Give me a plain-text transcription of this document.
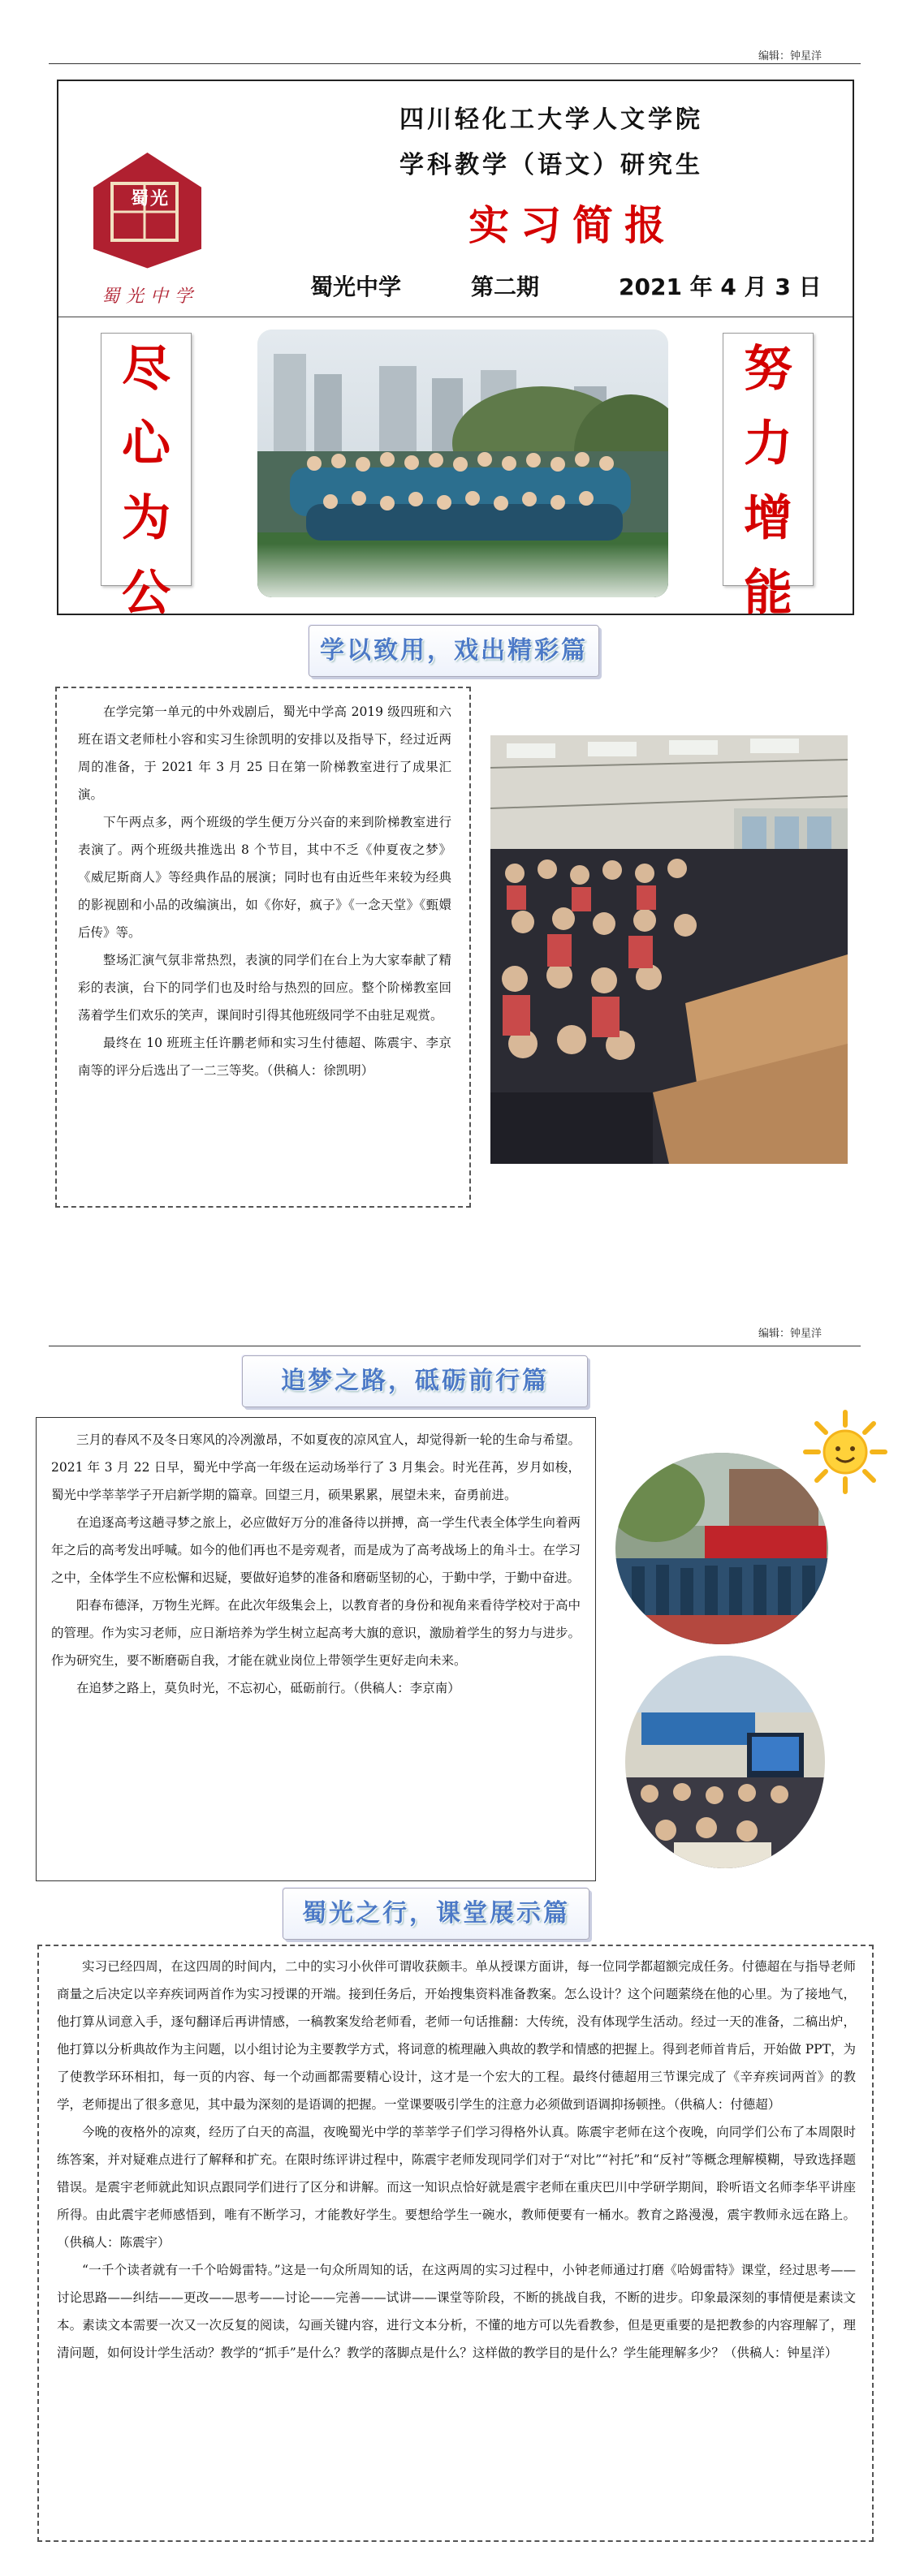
编辑：钟星洋
蜀光
蜀光中学
四川轻化工大学人文学院
学科教学（语文）研究生
实习简报
蜀光中学	第二期	2021 年 4 月 3 日
尽
心
为
公
努
力
增
能
学以致用，戏出精彩篇

在学完第一单元的中外戏剧后，蜀光中学高 2019 级四班和六班在语文老师杜小容和实习生徐凯明的安排以及指导下，经过近两周的准备，于 2021 年 3 月 25 日在第一阶梯教室进行了成果汇演。

下午两点多，两个班级的学生便万分兴奋的来到阶梯教室进行表演了。两个班级共推选出 8 个节目，其中不乏《仲夏夜之梦》《威尼斯商人》等经典作品的展演；同时也有由近些年来较为经典的影视剧和小品的改编演出，如《你好，疯子》《一念天堂》《甄嬛后传》等。

整场汇演气氛非常热烈，表演的同学们在台上为大家奉献了精彩的表演，台下的同学们也及时给与热烈的回应。整个阶梯教室回荡着学生们欢乐的笑声，课间时引得其他班级同学不由驻足观赏。

最终在 10 班班主任许鹏老师和实习生付德超、陈震宇、李京南等的评分后选出了一二三等奖。（供稿人：徐凯明）

编辑：钟星洋
追梦之路，砥砺前行篇

三月的春风不及冬日寒风的冷冽激昂，不如夏夜的凉风宜人，却觉得新一轮的生命与希望。2021 年 3 月 22 日早，蜀光中学高一年级在运动场举行了 3 月集会。时光荏苒，岁月如梭，蜀光中学莘莘学子开启新学期的篇章。回望三月，硕果累累，展望未来，奋勇前进。

在追逐高考这趟寻梦之旅上，必应做好万分的准备待以拼搏，高一学生代表全体学生向着两年之后的高考发出呼喊。如今的他们再也不是旁观者，而是成为了高考战场上的角斗士。在学习之中，全体学生不应松懈和迟疑，要做好追梦的准备和磨砺坚韧的心，于勤中学，于勤中奋进。

阳春布德泽，万物生光辉。在此次年级集会上，以教育者的身份和视角来看待学校对于高中的管理。作为实习老师，应日渐培养为学生树立起高考大旗的意识，激励着学生的努力与进步。作为研究生，要不断磨砺自我，才能在就业岗位上带领学生更好走向未来。

在追梦之路上，莫负时光，不忘初心，砥砺前行。（供稿人：李京南）

蜀光之行，课堂展示篇

实习已经四周，在这四周的时间内，二中的实习小伙伴可谓收获颇丰。单从授课方面讲，每一位同学都超额完成任务。付德超在与指导老师商量之后决定以辛弃疾词两首作为实习授课的开端。接到任务后，开始搜集资料准备教案。怎么设计？这个问题萦绕在他的心里。为了接地气，他打算从词意入手，逐句翻译后再讲情感，一稿教案发给老师看，老师一句话推翻：大传统，没有体现学生活动。经过一天的准备，二稿出炉，他打算以分析典故作为主问题，以小组讨论为主要教学方式，将词意的梳理融入典故的教学和情感的把握上。得到老师首肯后，开始做 PPT，为了使教学环环相扣，每一页的内容、每一个动画都需要精心设计，这才是一个宏大的工程。最终付德超用三节课完成了《辛弃疾词两首》的教学，老师提出了很多意见，其中最为深刻的是语调的把握。一堂课要吸引学生的注意力必须做到语调抑扬顿挫。（供稿人：付德超）

今晚的夜格外的凉爽，经历了白天的高温，夜晚蜀光中学的莘莘学子们学习得格外认真。陈震宇老师在这个夜晚，向同学们公布了本周限时练答案，并对疑难点进行了解释和扩充。在限时练评讲过程中，陈震宇老师发现同学们对于“对比”“衬托”和“反衬”等概念理解模糊，导致选择题错误。是震宇老师就此知识点跟同学们进行了区分和讲解。而这一知识点恰好就是震宇老师在重庆巴川中学研学期间，聆听语文名师李华平讲座所得。由此震宇老师感悟到，唯有不断学习，才能教好学生。要想给学生一碗水，教师便要有一桶水。教育之路漫漫，震宇教师永远在路上。（供稿人：陈震宇）

“一千个读者就有一千个哈姆雷特。”这是一句众所周知的话，在这两周的实习过程中，小钟老师通过打磨《哈姆雷特》课堂，经过思考——讨论思路——纠结——更改——思考——讨论——完善——试讲——课堂等阶段，不断的挑战自我，不断的进步。印象最深刻的事情便是素读文本。素读文本需要一次又一次反复的阅读，勾画关键内容，进行文本分析，不懂的地方可以先看教参，但是更重要的是把教参的内容理解了，理清问题，如何设计学生活动？教学的“抓手”是什么？教学的落脚点是什么？这样做的教学目的是什么？学生能理解多少？（供稿人：钟星洋）
